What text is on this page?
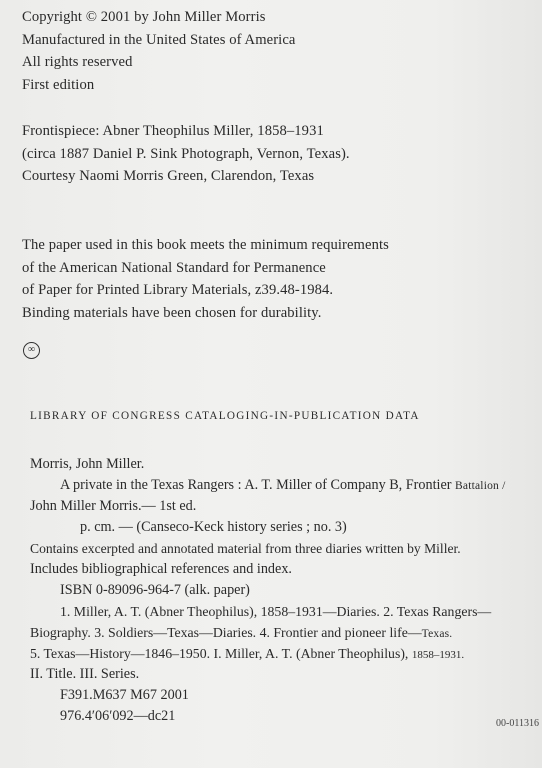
Copyright © 2001 by John Miller Morris
Manufactured in the United States of America
All rights reserved
First edition
Frontispiece: Abner Theophilus Miller, 1858–1931
(circa 1887 Daniel P. Sink Photograph, Vernon, Texas).
Courtesy Naomi Morris Green, Clarendon, Texas
The paper used in this book meets the minimum requirements
of the American National Standard for Permanence
of Paper for Printed Library Materials, z39.48-1984.
Binding materials have been chosen for durability.
∞
LIBRARY OF CONGRESS CATALOGING-IN-PUBLICATION DATA
Morris, John Miller.
A private in the Texas Rangers : A. T. Miller of Company B, Frontier Battalion /
John Miller Morris.— 1st ed.
p. cm. — (Canseco-Keck history series ; no. 3)
Contains excerpted and annotated material from three diaries written by Miller.
Includes bibliographical references and index.
ISBN 0-89096-964-7 (alk. paper)
1. Miller, A. T. (Abner Theophilus), 1858–1931—Diaries. 2. Texas Rangers—
Biography. 3. Soldiers—Texas—Diaries. 4. Frontier and pioneer life—Texas.
5. Texas—History—1846–1950. I. Miller, A. T. (Abner Theophilus), 1858–1931.
II. Title. III. Series.
F391.M637 M67 2001
976.4′06′092—dc21	00-011316
